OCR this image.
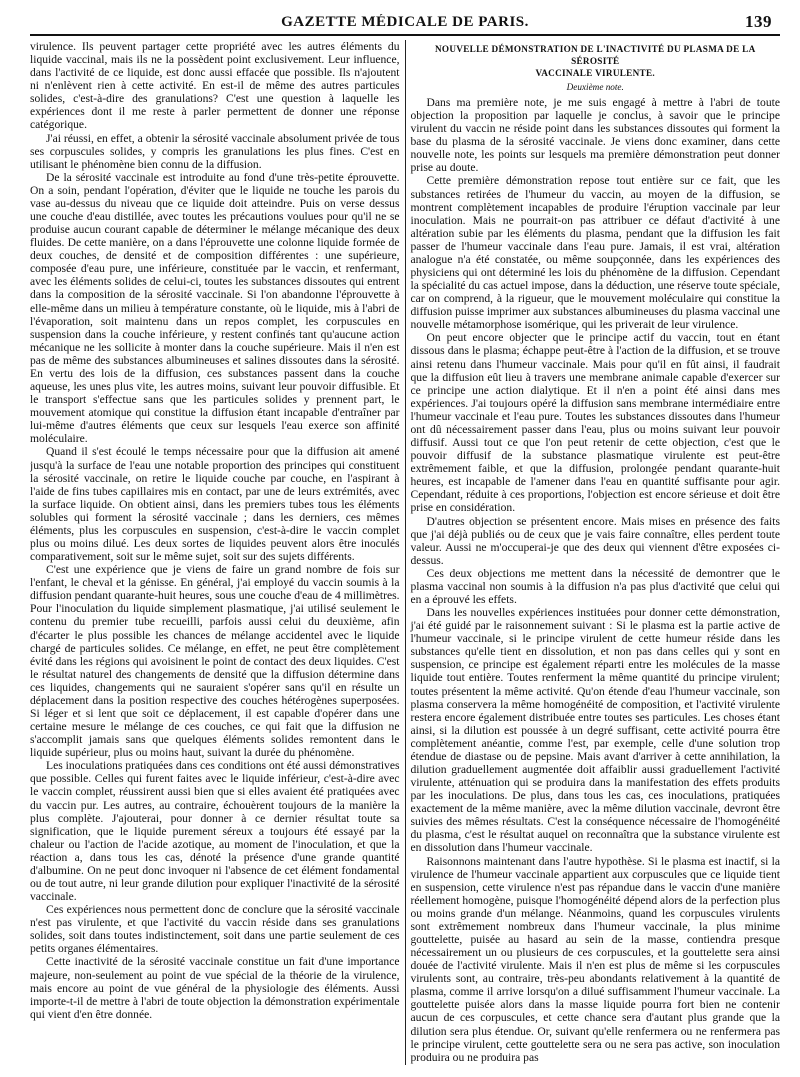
GAZETTE MÉDICALE DE PARIS.	139

virulence. Ils peuvent partager cette propriété avec les autres éléments du liquide vaccinal, mais ils ne la possèdent point exclusivement. Leur influence, dans l'activité de ce liquide, est donc aussi effacée que possible. Ils n'ajoutent ni n'enlèvent rien à cette activité. En est-il de même des autres particules solides, c'est-à-dire des granulations? C'est une question à laquelle les expériences dont il me reste à parler permettent de donner une réponse catégorique.

J'ai réussi, en effet, a obtenir la sérosité vaccinale absolument privée de tous ses corpuscules solides, y compris les granulations les plus fines. C'est en utilisant le phénomène bien connu de la diffusion.

De la sérosité vaccinale est introduite au fond d'une très-petite éprouvette. On a soin, pendant l'opération, d'éviter que le liquide ne touche les parois du vase au-dessus du niveau que ce liquide doit atteindre. Puis on verse dessus une couche d'eau distillée, avec toutes les précautions voulues pour qu'il ne se produise aucun courant capable de déterminer le mélange mécanique des deux fluides. De cette manière, on a dans l'éprouvette une colonne liquide formée de deux couches, de densité et de composition différentes : une supérieure, composée d'eau pure, une inférieure, constituée par le vaccin, et renfermant, avec les éléments solides de celui-ci, toutes les substances dissoutes qui entrent dans la composition de la sérosité vaccinale. Si l'on abandonne l'éprouvette à elle-même dans un milieu à température constante, où le liquide, mis à l'abri de l'évaporation, soit maintenu dans un repos complet, les corpuscules en suspension dans la couche inférieure, y restent confinés tant qu'aucune action mécanique ne les sollicite à monter dans la couche supérieure. Mais il n'en est pas de même des substances albumineuses et salines dissoutes dans la sérosité. En vertu des lois de la diffusion, ces substances passent dans la couche aqueuse, les unes plus vite, les autres moins, suivant leur pouvoir diffusible. Et le transport s'effectue sans que les particules solides y prennent part, le mouvement atomique qui constitue la diffusion étant incapable d'entraîner par lui-même d'autres éléments que ceux sur lesquels l'eau exerce son affinité moléculaire.

Quand il s'est écoulé le temps nécessaire pour que la diffusion ait amené jusqu'à la surface de l'eau une notable proportion des principes qui constituent la sérosité vaccinale, on retire le liquide couche par couche, en l'aspirant à l'aide de fins tubes capillaires mis en contact, par une de leurs extrémités, avec la surface liquide. On obtient ainsi, dans les premiers tubes tous les éléments solubles qui forment la sérosité vaccinale ; dans les derniers, ces mêmes éléments, plus les corpuscules en suspension, c'est-à-dire le vaccin complet plus ou moins dilué. Les deux sortes de liquides peuvent alors être inoculés comparativement, soit sur le même sujet, soit sur des sujets différents.

C'est une expérience que je viens de faire un grand nombre de fois sur l'enfant, le cheval et la génisse. En général, j'ai employé du vaccin soumis à la diffusion pendant quarante-huit heures, sous une couche d'eau de 4 millimètres. Pour l'inoculation du liquide simplement plasmatique, j'ai utilisé seulement le contenu du premier tube recueilli, parfois aussi celui du deuxième, afin d'écarter le plus possible les chances de mélange accidentel avec le liquide chargé de particules solides. Ce mélange, en effet, ne peut être complètement évité dans les régions qui avoisinent le point de contact des deux liquides. C'est le résultat naturel des changements de densité que la diffusion détermine dans ces liquides, changements qui ne sauraient s'opérer sans qu'il en résulte un déplacement dans la position respective des couches hétérogènes superposées. Si léger et si lent que soit ce déplacement, il est capable d'opérer dans une certaine mesure le mélange de ces couches, ce qui fait que la diffusion ne s'accomplit jamais sans que quelques éléments solides remontent dans le liquide supérieur, plus ou moins haut, suivant la durée du phénomène.

Les inoculations pratiquées dans ces conditions ont été aussi démonstratives que possible. Celles qui furent faites avec le liquide inférieur, c'est-à-dire avec le vaccin complet, réussirent aussi bien que si elles avaient été pratiquées avec du vaccin pur. Les autres, au contraire, échouèrent toujours de la manière la plus complète. J'ajouterai, pour donner à ce dernier résultat toute sa signification, que le liquide purement séreux a toujours été essayé par la chaleur ou l'action de l'acide azotique, au moment de l'inoculation, et que la réaction a, dans tous les cas, dénoté la présence d'une grande quantité d'albumine. On ne peut donc invoquer ni l'absence de cet élément fondamental ou de tout autre, ni leur grande dilution pour expliquer l'inactivité de la sérosité vaccinale.

Ces expériences nous permettent donc de conclure que la sérosité vaccinale n'est pas virulente, et que l'activité du vaccin réside dans ses granulations solides, soit dans toutes indistinctement, soit dans une partie seulement de ces petits organes élémentaires.

Cette inactivité de la sérosité vaccinale constitue un fait d'une importance majeure, non-seulement au point de vue spécial de la théorie de la virulence, mais encore au point de vue général de la physiologie des éléments. Aussi importe-t-il de mettre à l'abri de toute objection la démonstration expérimentale qui vient d'en être donnée.

NOUVELLE DÉMONSTRATION DE L'INACTIVITÉ DU PLASMA DE LA SÉROSITÉ
VACCINALE VIRULENTE.
Deuxième note.

Dans ma première note, je me suis engagé à mettre à l'abri de toute objection la proposition par laquelle je conclus, à savoir que le principe virulent du vaccin ne réside point dans les substances dissoutes qui forment la base du plasma de la sérosité vaccinale. Je viens donc examiner, dans cette nouvelle note, les points sur lesquels ma première démonstration peut donner prise au doute.

Cette première démonstration repose tout entière sur ce fait, que les substances retirées de l'humeur du vaccin, au moyen de la diffusion, se montrent complètement incapables de produire l'éruption vaccinale par leur inoculation. Mais ne pourrait-on pas attribuer ce défaut d'activité à une altération subie par les éléments du plasma, pendant que la diffusion les fait passer de l'humeur vaccinale dans l'eau pure. Jamais, il est vrai, altération analogue n'a été constatée, ou même soupçonnée, dans les expériences des physiciens qui ont déterminé les lois du phénomène de la diffusion. Cependant la spécialité du cas actuel impose, dans la déduction, une réserve toute spéciale, car on comprend, à la rigueur, que le mouvement moléculaire qui constitue la diffusion puisse imprimer aux substances albumineuses du plasma vaccinal une nouvelle métamorphose isomérique, qui les priverait de leur virulence.

On peut encore objecter que le principe actif du vaccin, tout en étant dissous dans le plasma; échappe peut-être à l'action de la diffusion, et se trouve ainsi retenu dans l'humeur vaccinale. Mais pour qu'il en fût ainsi, il faudrait que la diffusion eût lieu à travers une membrane animale capable d'exercer sur ce principe une action dialytique. Et il n'en a point été ainsi dans mes expériences. J'ai toujours opéré la diffusion sans membrane intermédiaire entre l'humeur vaccinale et l'eau pure. Toutes les substances dissoutes dans l'humeur ont dû nécessairement passer dans l'eau, plus ou moins suivant leur pouvoir diffusif. Aussi tout ce que l'on peut retenir de cette objection, c'est que le pouvoir diffusif de la substance plasmatique virulente est peut-être extrêmement faible, et que la diffusion, prolongée pendant quarante-huit heures, est incapable de l'amener dans l'eau en quantité suffisante pour agir. Cependant, réduite à ces proportions, l'objection est encore sérieuse et doit être prise en considération.

D'autres objection se présentent encore. Mais mises en présence des faits que j'ai déjà publiés ou de ceux que je vais faire connaître, elles perdent toute valeur. Aussi ne m'occuperai-je que des deux qui viennent d'être exposées ci-dessus.

Ces deux objections me mettent dans la nécessité de demontrer que le plasma vaccinal non soumis à la diffusion n'a pas plus d'activité que celui qui en a éprouvé les effets.

Dans les nouvelles expériences instituées pour donner cette démonstration, j'ai été guidé par le raisonnement suivant : Si le plasma est la partie active de l'humeur vaccinale, si le principe virulent de cette humeur réside dans les substances qu'elle tient en dissolution, et non pas dans celles qui y sont en suspension, ce principe est également réparti entre les molécules de la masse liquide tout entière. Toutes renferment la même quantité du principe virulent; toutes présentent la même activité. Qu'on étende d'eau l'humeur vaccinale, son plasma conservera la même homogénéité de composition, et l'activité virulente restera encore également distribuée entre toutes ses particules. Les choses étant ainsi, si la dilution est poussée à un degré suffisant, cette activité pourra être complètement anéantie, comme l'est, par exemple, celle d'une solution trop étendue de diastase ou de pepsine. Mais avant d'arriver à cette annihilation, la dilution graduellement augmentée doit affaiblir aussi graduellement l'activité virulente, atténuation qui se produira dans la manifestation des effets produits par les inoculations. De plus, dans tous les cas, ces inoculations, pratiquées exactement de la même manière, avec la même dilution vaccinale, devront être suivies des mêmes résultats. C'est la conséquence nécessaire de l'homogénéité du plasma, c'est le résultat auquel on reconnaîtra que la substance virulente est en dissolution dans l'humeur vaccinale.

Raisonnons maintenant dans l'autre hypothèse. Si le plasma est inactif, si la virulence de l'humeur vaccinale appartient aux corpuscules que ce liquide tient en suspension, cette virulence n'est pas répandue dans le vaccin d'une manière réellement homogène, puisque l'homogénéité dépend alors de la perfection plus ou moins grande d'un mélange. Néanmoins, quand les corpuscules virulents sont extrêmement nombreux dans l'humeur vaccinale, la plus minime gouttelette, puisée au hasard au sein de la masse, contiendra presque nécessairement un ou plusieurs de ces corpuscules, et la gouttelette sera ainsi douée de l'activité virulente. Mais il n'en est plus de même si les corpuscules virulents sont, au contraire, très-peu abondants relativement à la quantité de plasma, comme il arrive lorsqu'on a dilué suffisamment l'humeur vaccinale. La gouttelette puisée alors dans la masse liquide pourra fort bien ne contenir aucun de ces corpuscules, et cette chance sera d'autant plus grande que la dilution sera plus étendue. Or, suivant qu'elle renfermera ou ne renfermera pas le principe virulent, cette gouttelette sera ou ne sera pas active, son inoculation produira ou ne produira pas
